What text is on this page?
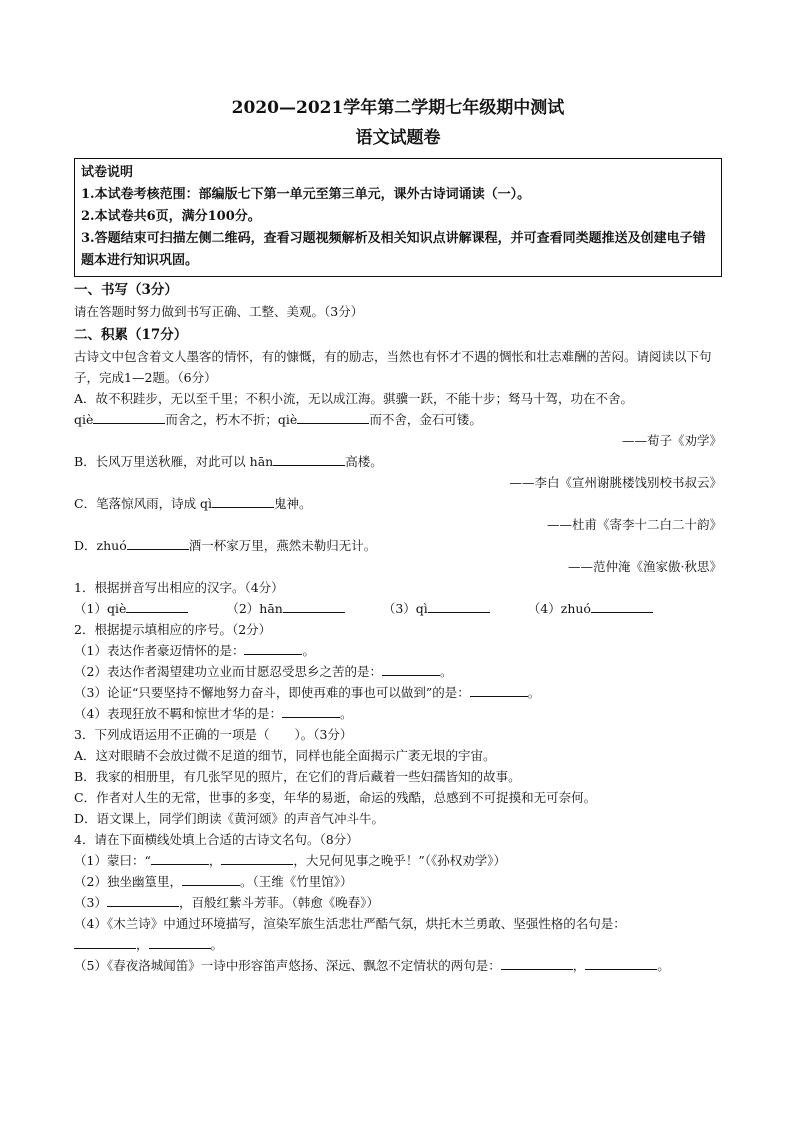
2020—2021学年第二学期七年级期中测试
语文试题卷
试卷说明
1.本试卷考核范围：部编版七下第一单元至第三单元，课外古诗词诵读（一）。
2.本试卷共6页，满分100分。
3.答题结束可扫描左侧二维码，查看习题视频解析及相关知识点讲解课程，并可查看同类题推送及创建电子错题本进行知识巩固。
一、书写（3分）
请在答题时努力做到书写正确、工整、美观。（3分）
二、积累（17分）
古诗文中包含着文人墨客的情怀，有的慷慨，有的励志，当然也有怀才不遇的惆怅和壮志难酬的苦闷。请阅读以下句子，完成1—2题。（6分）
A．故不积跬步，无以至千里；不积小流，无以成江海。骐骥一跃，不能十步；驽马十驾，功在不舍。
qiè	而舍之，朽木不折；qiè	而不舍，金石可镂。
——荀子《劝学》
B．长风万里送秋雁，对此可以 hān	高楼。
——李白《宣州谢朓楼饯别校书叔云》
C．笔落惊风雨，诗成 qì	鬼神。
——杜甫《寄李十二白二十韵》
D．zhuó	酒一杯家万里，燕然未勒归无计。
——范仲淹《渔家傲·秋思》
1．根据拼音写出相应的汉字。（4分）
（1）qiè	（2）hān	（3）qì	（4）zhuó
2．根据提示填相应的序号。（2分）
（1）表达作者豪迈情怀的是：	。
（2）表达作者渴望建功立业而甘愿忍受思乡之苦的是：	。
（3）论证“只要坚持不懈地努力奋斗，即使再难的事也可以做到”的是：	。
（4）表现狂放不羁和惊世才华的是：	。
3．下列成语运用不正确的一项是（　　）。（3分）
A．这对眼睛不会放过微不足道的细节，同样也能全面揭示广袤无垠的宇宙。
B．我家的相册里，有几张罕见的照片，在它们的背后藏着一些妇孺皆知的故事。
C．作者对人生的无常，世事的多变，年华的易逝，命运的残酷，总感到不可捉摸和无可奈何。
D．语文课上，同学们朗读《黄河颂》的声音气冲斗牛。
4．请在下面横线处填上合适的古诗文名句。（8分）
（1）蒙曰：“	，	，大兄何见事之晚乎！”（《孙权劝学》）
（2）独坐幽篁里，	。（王维《竹里馆》）
（3）	，百般红紫斗芳菲。（韩愈《晚春》）
（4）《木兰诗》中通过环境描写，渲染军旅生活悲壮严酷气氛，烘托木兰勇敢、坚强性格的名句是：
，	。
（5）《春夜洛城闻笛》一诗中形容笛声悠扬、深远、飘忽不定情状的两句是：	，	。
